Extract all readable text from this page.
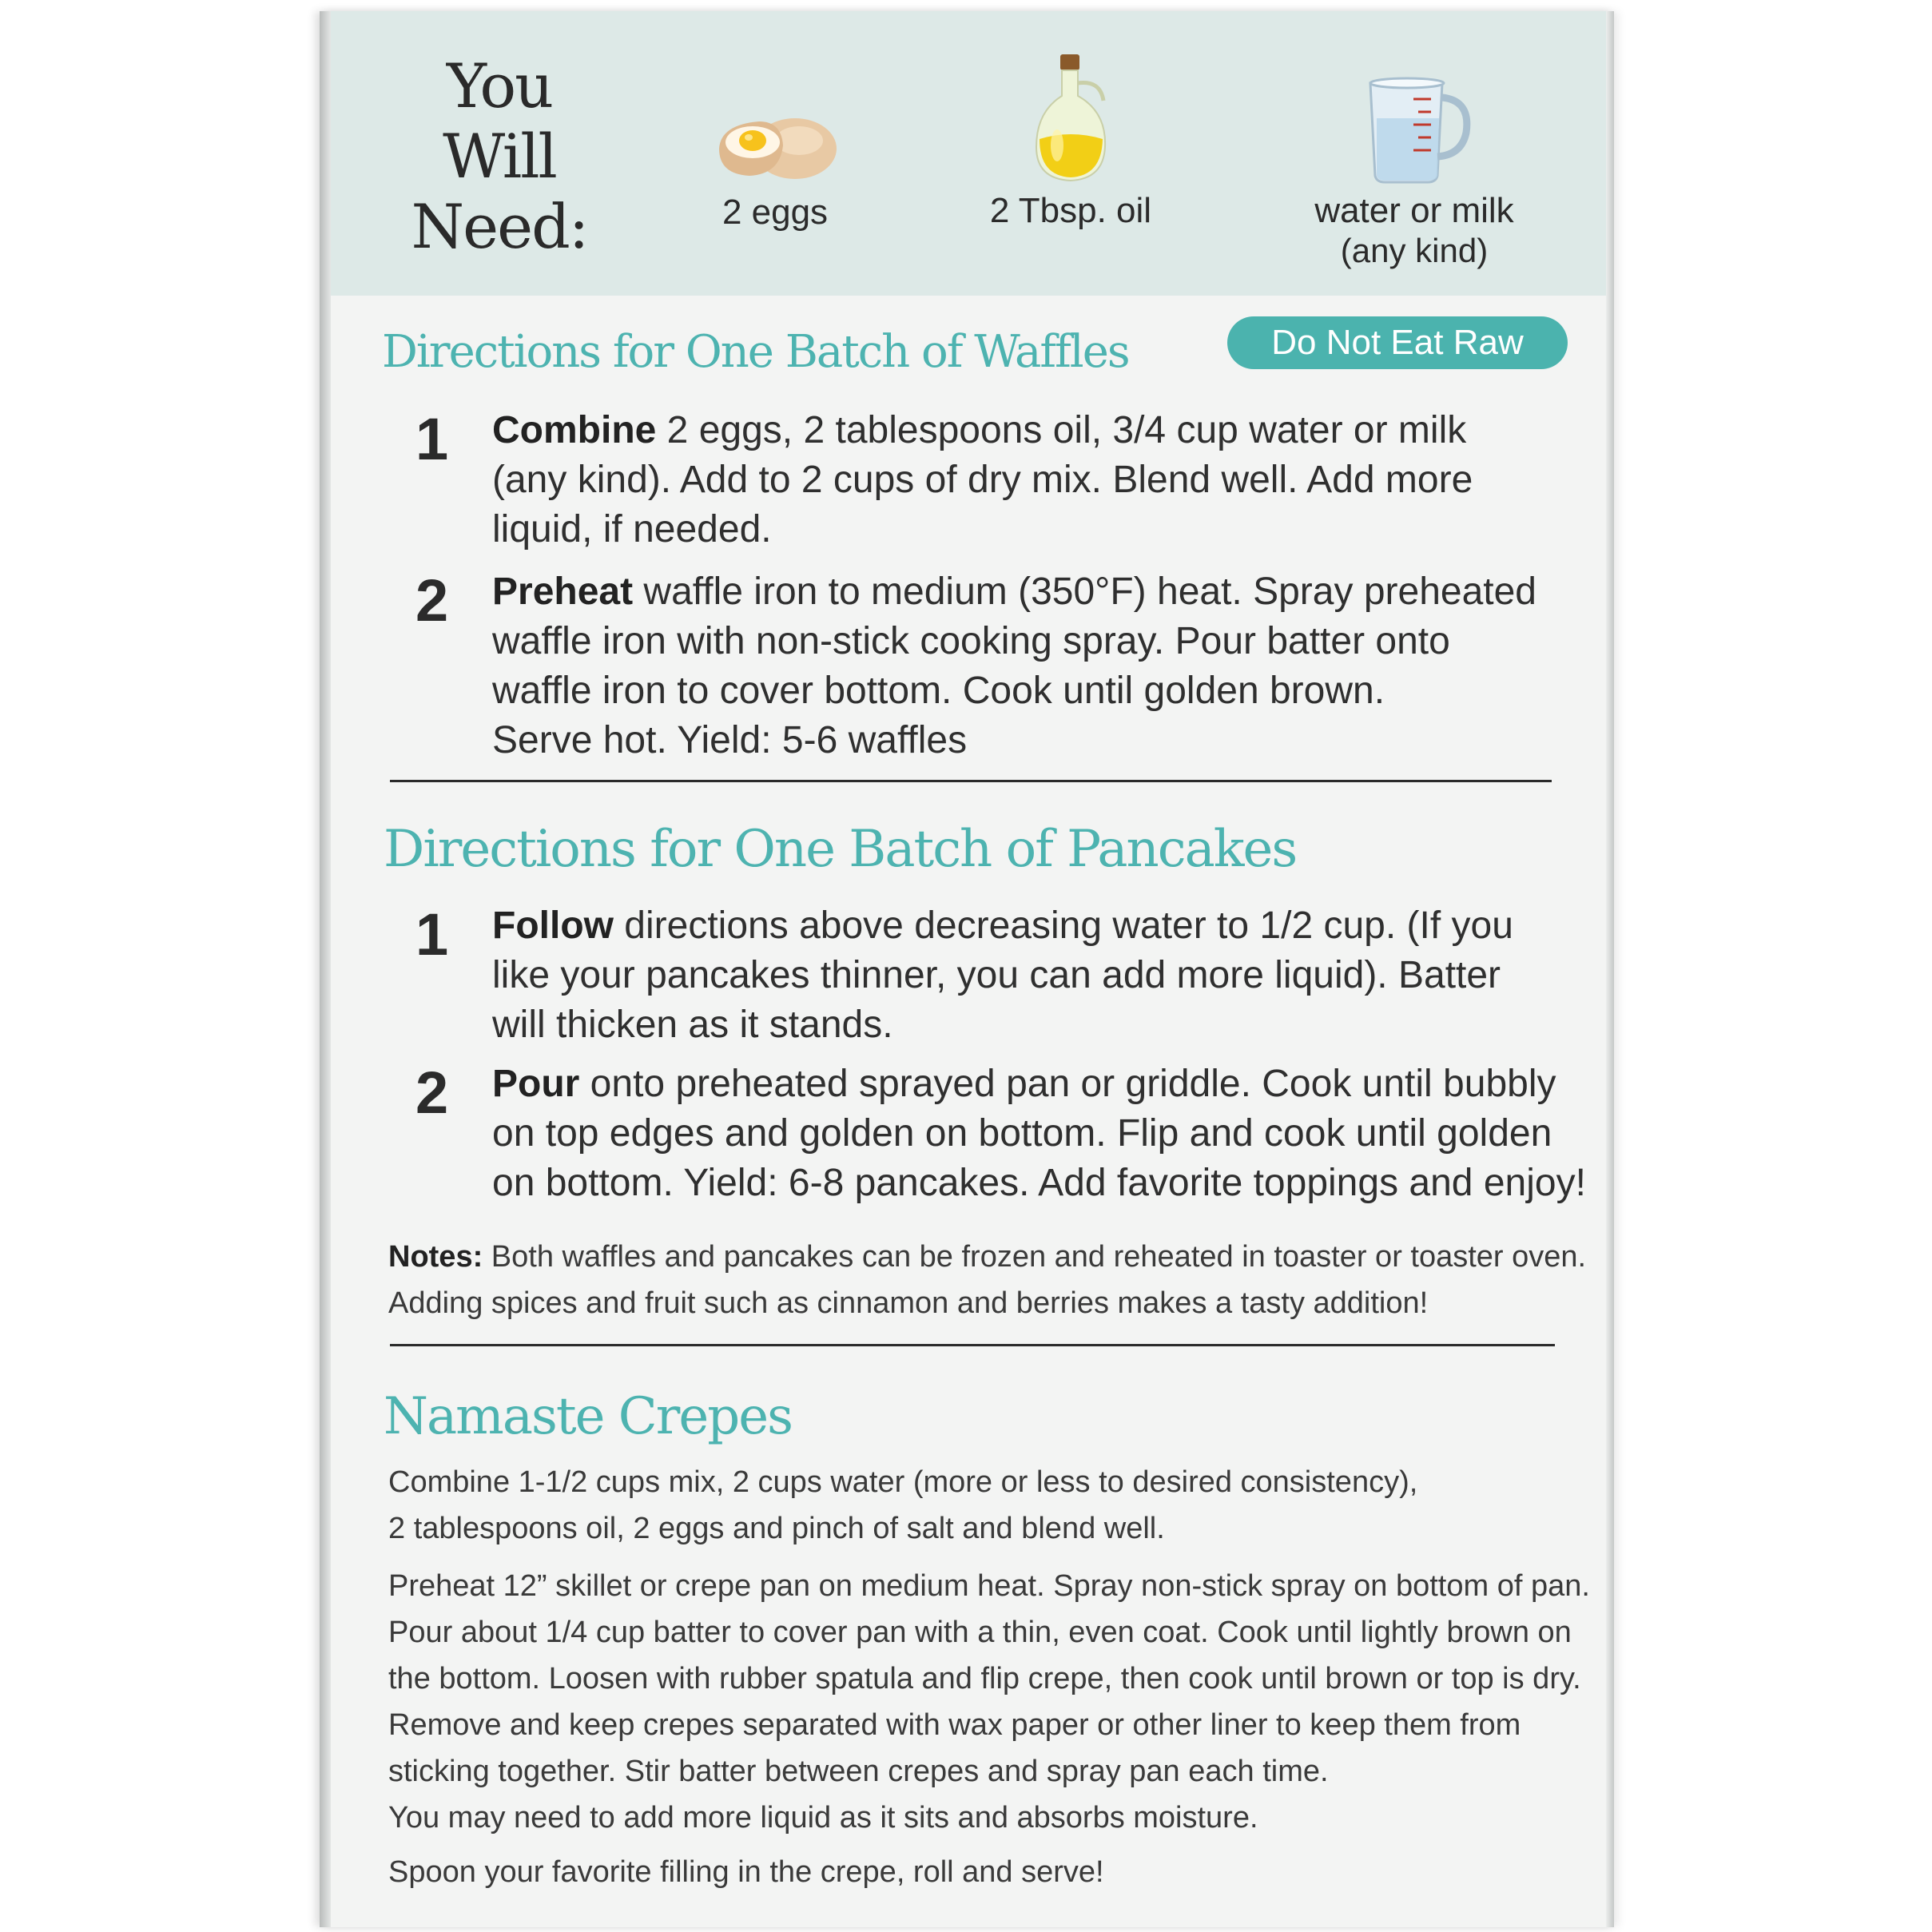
You
Will
Need:	2 eggs	2 Tbsp. oil	water or milk
(any kind)
Directions for One Batch of Waffles	Do Not Eat Raw
1	Combine 2 eggs, 2 tablespoons oil, 3/4 cup water or milk
(any kind). Add to 2 cups of dry mix. Blend well. Add more
liquid, if needed.
2	Preheat waffle iron to medium (350°F) heat. Spray preheated
waffle iron with non-stick cooking spray. Pour batter onto
waffle iron to cover bottom. Cook until golden brown.
Serve hot. Yield: 5-6 waffles
Directions for One Batch of Pancakes
1	Follow directions above decreasing water to 1/2 cup. (If you
like your pancakes thinner, you can add more liquid). Batter
will thicken as it stands.
2	Pour onto preheated sprayed pan or griddle. Cook until bubbly
on top edges and golden on bottom. Flip and cook until golden
on bottom. Yield: 6-8 pancakes. Add favorite toppings and enjoy!
Notes: Both waffles and pancakes can be frozen and reheated in toaster or toaster oven.
Adding spices and fruit such as cinnamon and berries makes a tasty addition!
Namaste Crepes
Combine 1-1/2 cups mix, 2 cups water (more or less to desired consistency),
2 tablespoons oil, 2 eggs and pinch of salt and blend well.
Preheat 12” skillet or crepe pan on medium heat. Spray non-stick spray on bottom of pan.
Pour about 1/4 cup batter to cover pan with a thin, even coat. Cook until lightly brown on
the bottom. Loosen with rubber spatula and flip crepe, then cook until brown or top is dry.
Remove and keep crepes separated with wax paper or other liner to keep them from
sticking together. Stir batter between crepes and spray pan each time.
You may need to add more liquid as it sits and absorbs moisture.
Spoon your favorite filling in the crepe, roll and serve!
